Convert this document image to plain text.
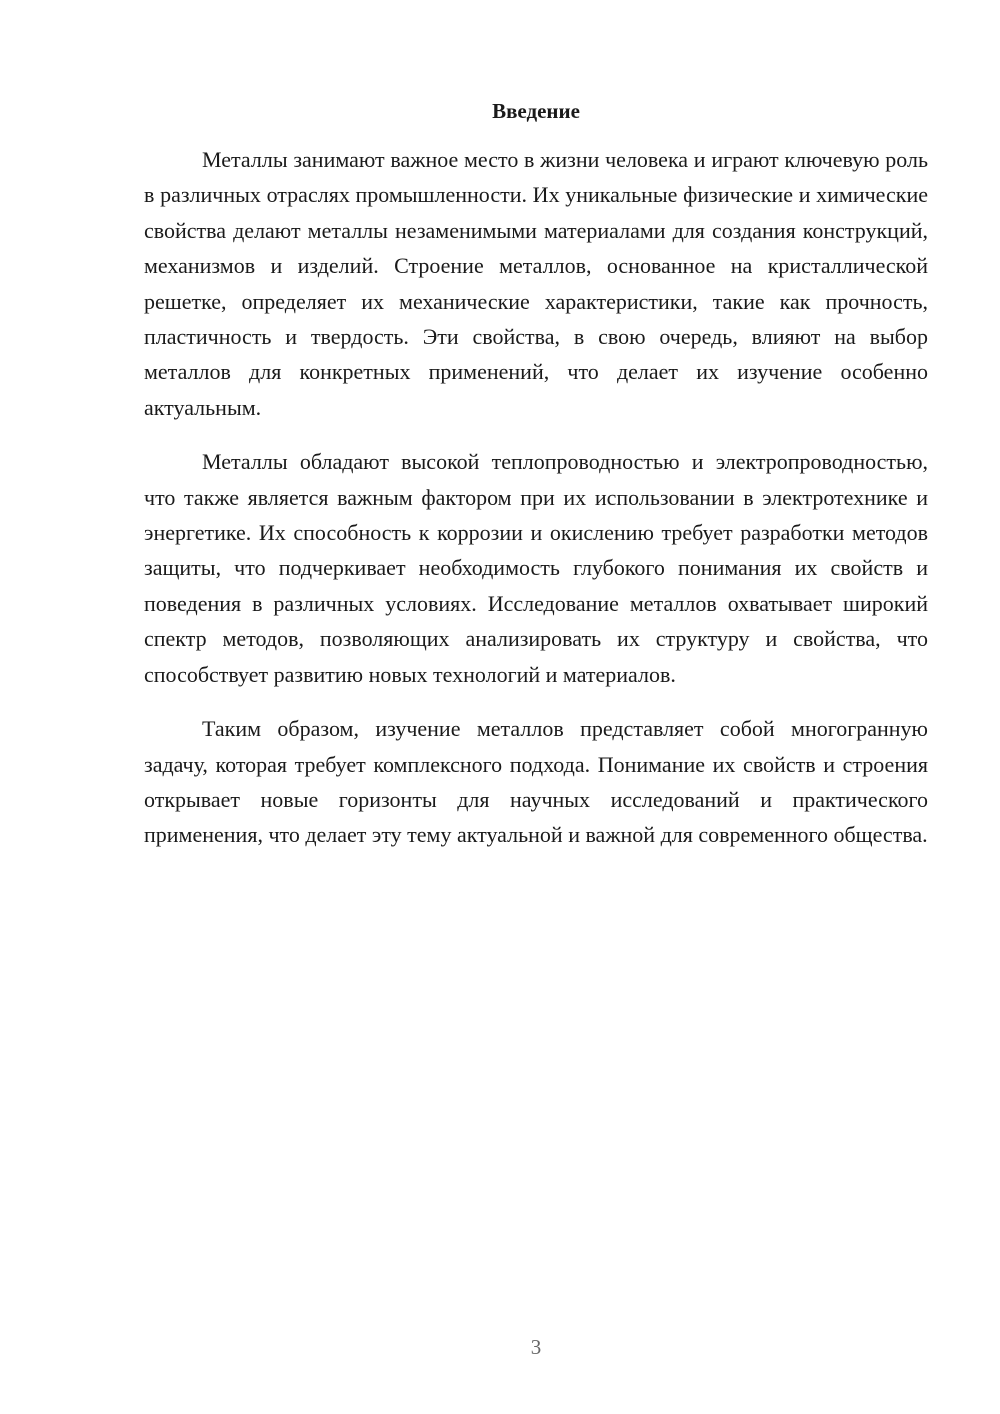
Введение

Металлы занимают важное место в жизни человека и играют ключевую роль в различных отраслях промышленности. Их уникальные физические и химические свойства делают металлы незаменимыми материалами для создания конструкций, механизмов и изделий. Строение металлов, основанное на кристаллической решетке, определяет их механические характеристики, такие как прочность, пластичность и твердость. Эти свойства, в свою очередь, влияют на выбор металлов для конкретных применений, что делает их изучение особенно актуальным.

Металлы обладают высокой теплопроводностью и электропроводностью, что также является важным фактором при их использовании в электротехнике и энергетике. Их способность к коррозии и окислению требует разработки методов защиты, что подчеркивает необходимость глубокого понимания их свойств и поведения в различных условиях. Исследование металлов охватывает широкий спектр методов, позволяющих анализировать их структуру и свойства, что способствует развитию новых технологий и материалов.

Таким образом, изучение металлов представляет собой многогранную задачу, которая требует комплексного подхода. Понимание их свойств и строения открывает новые горизонты для научных исследований и практического применения, что делает эту тему актуальной и важной для современного общества.

3
